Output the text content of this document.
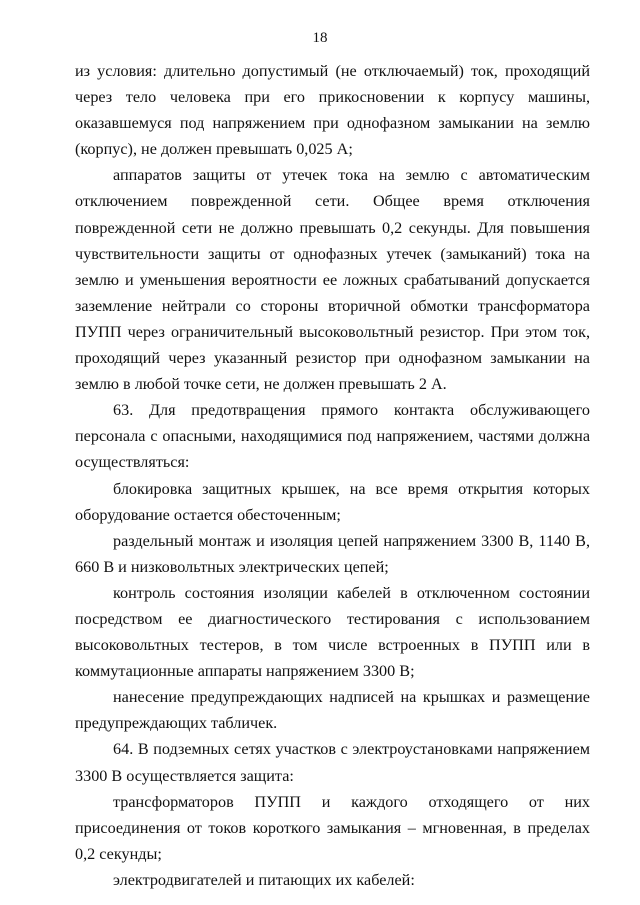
18

из условия: длительно допустимый (не отключаемый) ток, проходящий через тело человека при его прикосновении к корпусу машины, оказавшемуся под напряжением при однофазном замыкании на землю (корпус), не должен превышать 0,025 А;

аппаратов защиты от утечек тока на землю с автоматическим отключением поврежденной сети. Общее время отключения поврежденной сети не должно превышать 0,2 секунды. Для повышения чувствительности защиты от однофазных утечек (замыканий) тока на землю и уменьшения вероятности ее ложных срабатываний допускается заземление нейтрали со стороны вторичной обмотки трансформатора ПУПП через ограничительный высоковольтный резистор. При этом ток, проходящий через указанный резистор при однофазном замыкании на землю в любой точке сети, не должен превышать 2 А.

63. Для предотвращения прямого контакта обслуживающего персонала с опасными, находящимися под напряжением, частями должна осуществляться:

блокировка защитных крышек, на все время открытия которых оборудование остается обесточенным;

раздельный монтаж и изоляция цепей напряжением 3300 В, 1140 В, 660 В и низковольтных электрических цепей;

контроль состояния изоляции кабелей в отключенном состоянии посредством ее диагностического тестирования с использованием высоковольтных тестеров, в том числе встроенных в ПУПП или в коммутационные аппараты напряжением 3300 В;

нанесение предупреждающих надписей на крышках и размещение предупреждающих табличек.

64. В подземных сетях участков с электроустановками напряжением 3300 В осуществляется защита:

трансформаторов ПУПП и каждого отходящего от них присоединения от токов короткого замыкания – мгновенная, в пределах 0,2 секунды;

электродвигателей и питающих их кабелей:
